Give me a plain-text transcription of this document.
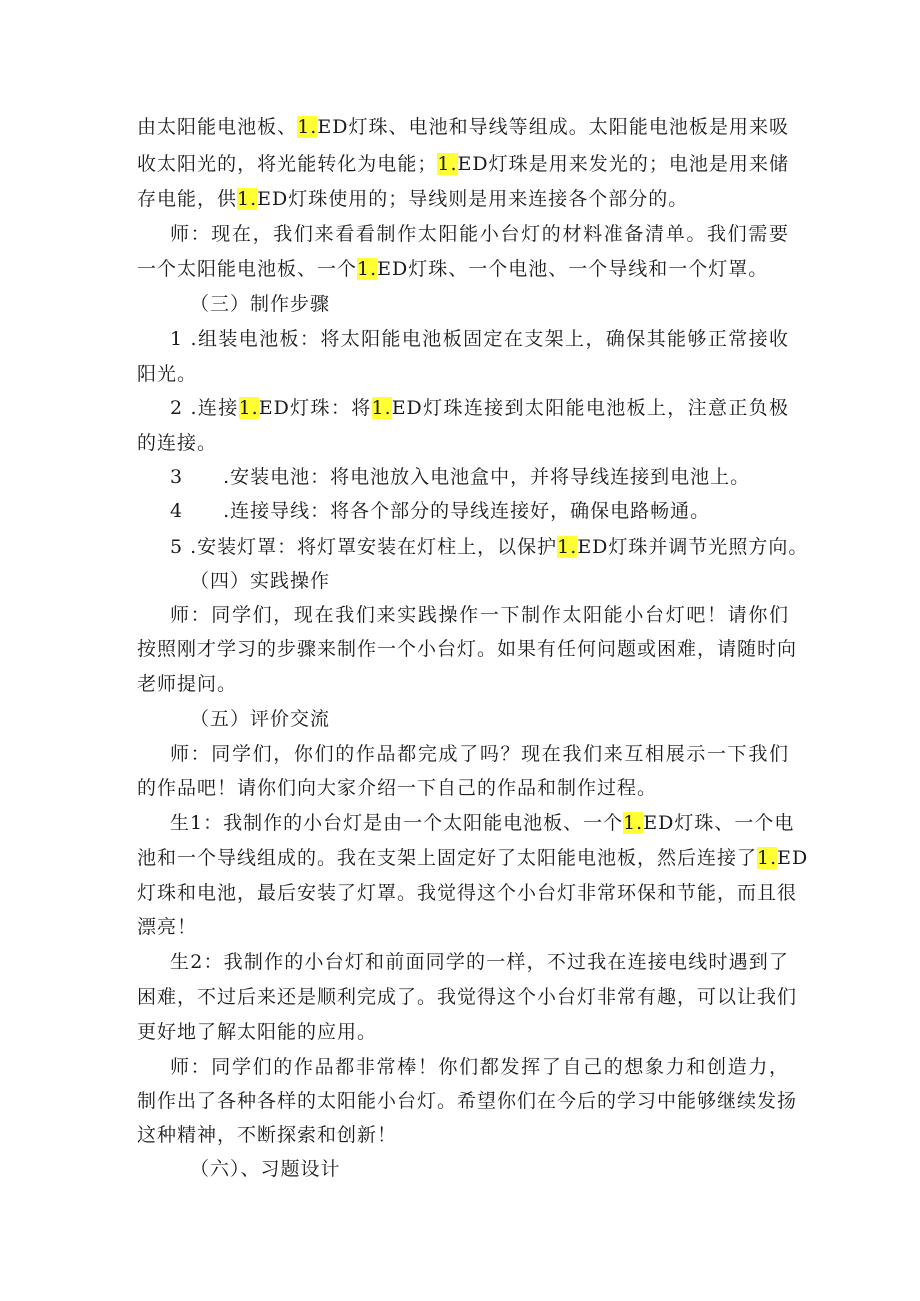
由太阳能电池板、1.ED灯珠、电池和导线等组成。太阳能电池板是用来吸
收太阳光的，将光能转化为电能；1.ED灯珠是用来发光的；电池是用来储
存电能，供1.ED灯珠使用的；导线则是用来连接各个部分的。
师：现在，我们来看看制作太阳能小台灯的材料准备清单。我们需要
一个太阳能电池板、一个1.ED灯珠、一个电池、一个导线和一个灯罩。
（三）制作步骤
1 .组装电池板：将太阳能电池板固定在支架上，确保其能够正常接收
阳光。
2 .连接1.ED灯珠：将1.ED灯珠连接到太阳能电池板上，注意正负极
的连接。
3　　.安装电池：将电池放入电池盒中，并将导线连接到电池上。
4　　.连接导线：将各个部分的导线连接好，确保电路畅通。
5 .安装灯罩：将灯罩安装在灯柱上，以保护1.ED灯珠并调节光照方向。
（四）实践操作
师：同学们，现在我们来实践操作一下制作太阳能小台灯吧！请你们
按照刚才学习的步骤来制作一个小台灯。如果有任何问题或困难，请随时向
老师提问。
（五）评价交流
师：同学们，你们的作品都完成了吗？现在我们来互相展示一下我们
的作品吧！请你们向大家介绍一下自己的作品和制作过程。
生1：我制作的小台灯是由一个太阳能电池板、一个1.ED灯珠、一个电
池和一个导线组成的。我在支架上固定好了太阳能电池板，然后连接了1.ED
灯珠和电池，最后安装了灯罩。我觉得这个小台灯非常环保和节能，而且很
漂亮！
生2：我制作的小台灯和前面同学的一样，不过我在连接电线时遇到了
困难，不过后来还是顺利完成了。我觉得这个小台灯非常有趣，可以让我们
更好地了解太阳能的应用。
师：同学们的作品都非常棒！你们都发挥了自己的想象力和创造力，
制作出了各种各样的太阳能小台灯。希望你们在今后的学习中能够继续发扬
这种精神，不断探索和创新！
（六）、习题设计
